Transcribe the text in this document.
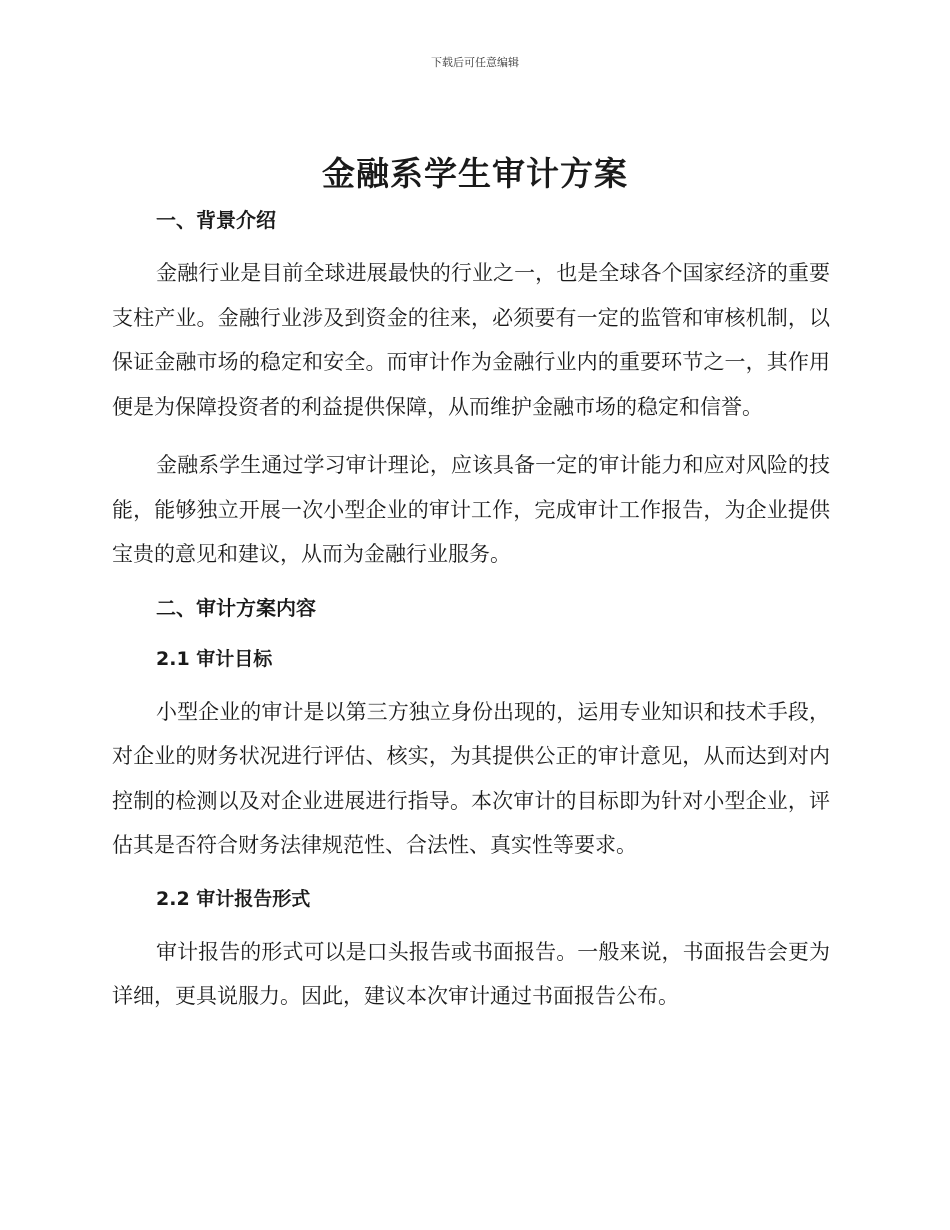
下载后可任意编辑
金融系学生审计方案
一、背景介绍

金融行业是目前全球进展最快的行业之一，也是全球各个国家经济的重要支柱产业。金融行业涉及到资金的往来，必须要有一定的监管和审核机制，以保证金融市场的稳定和安全。而审计作为金融行业内的重要环节之一，其作用便是为保障投资者的利益提供保障，从而维护金融市场的稳定和信誉。

金融系学生通过学习审计理论，应该具备一定的审计能力和应对风险的技能，能够独立开展一次小型企业的审计工作，完成审计工作报告，为企业提供宝贵的意见和建议，从而为金融行业服务。

二、审计方案内容
2.1 审计目标

小型企业的审计是以第三方独立身份出现的，运用专业知识和技术手段，对企业的财务状况进行评估、核实，为其提供公正的审计意见，从而达到对内控制的检测以及对企业进展进行指导。本次审计的目标即为针对小型企业，评估其是否符合财务法律规范性、合法性、真实性等要求。

2.2 审计报告形式

审计报告的形式可以是口头报告或书面报告。一般来说，书面报告会更为详细，更具说服力。因此，建议本次审计通过书面报告公布。
